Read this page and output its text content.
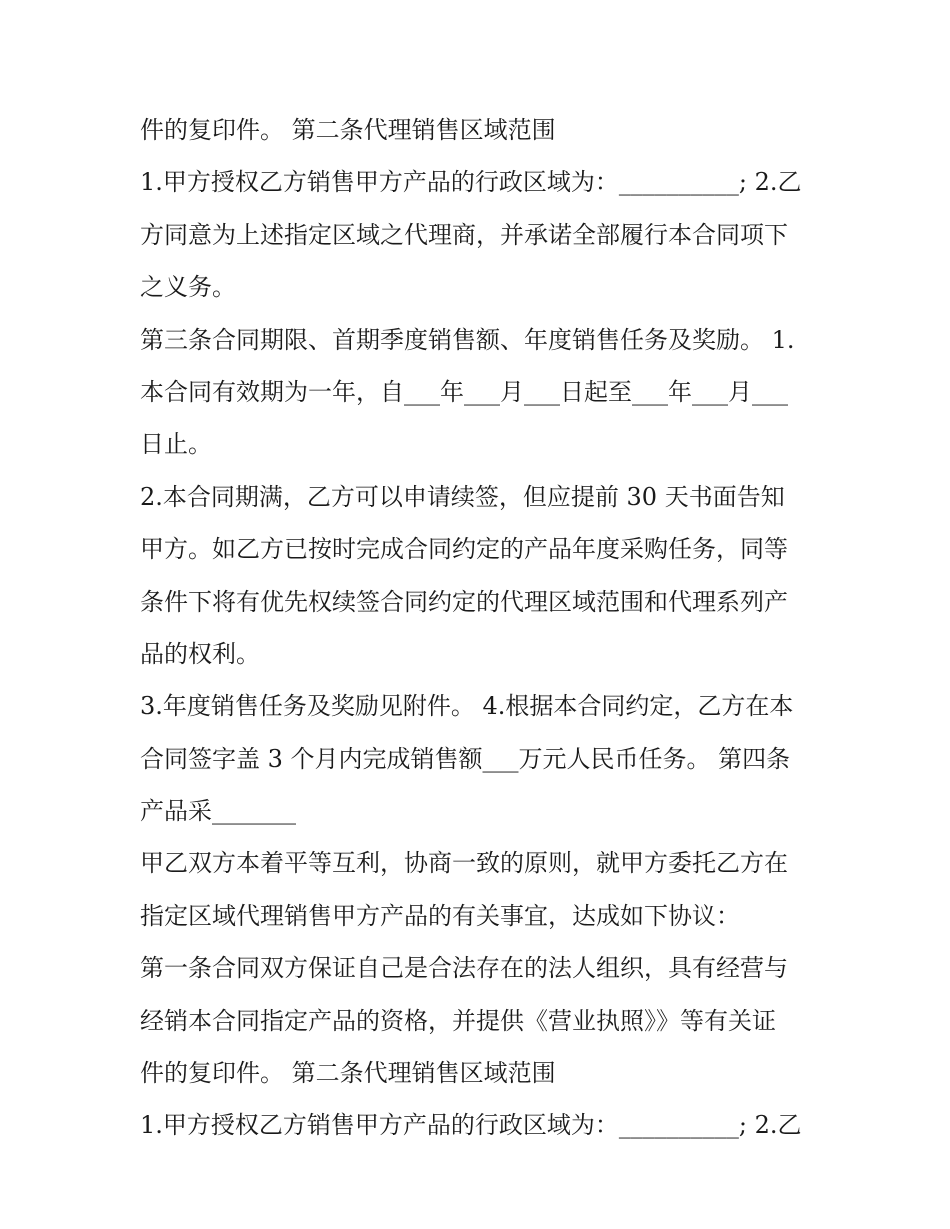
件的复印件。 第二条代理销售区域范围
1.甲方授权乙方销售甲方产品的行政区域为：__________; 2.乙
方同意为上述指定区域之代理商，并承诺全部履行本合同项下
之义务。
第三条合同期限、首期季度销售额、年度销售任务及奖励。 1.
本合同有效期为一年，自___年___月___日起至___年___月___
日止。
2.本合同期满，乙方可以申请续签，但应提前 30 天书面告知
甲方。如乙方已按时完成合同约定的产品年度采购任务，同等
条件下将有优先权续签合同约定的代理区域范围和代理系列产
品的权利。
3.年度销售任务及奖励见附件。 4.根据本合同约定，乙方在本
合同签字盖 3 个月内完成销售额___万元人民币任务。 第四条
产品采_______
甲乙双方本着平等互利，协商一致的原则，就甲方委托乙方在
指定区域代理销售甲方产品的有关事宜，达成如下协议：
第一条合同双方保证自己是合法存在的法人组织，具有经营与
经销本合同指定产品的资格，并提供《营业执照》》等有关证
件的复印件。 第二条代理销售区域范围
1.甲方授权乙方销售甲方产品的行政区域为：__________; 2.乙
